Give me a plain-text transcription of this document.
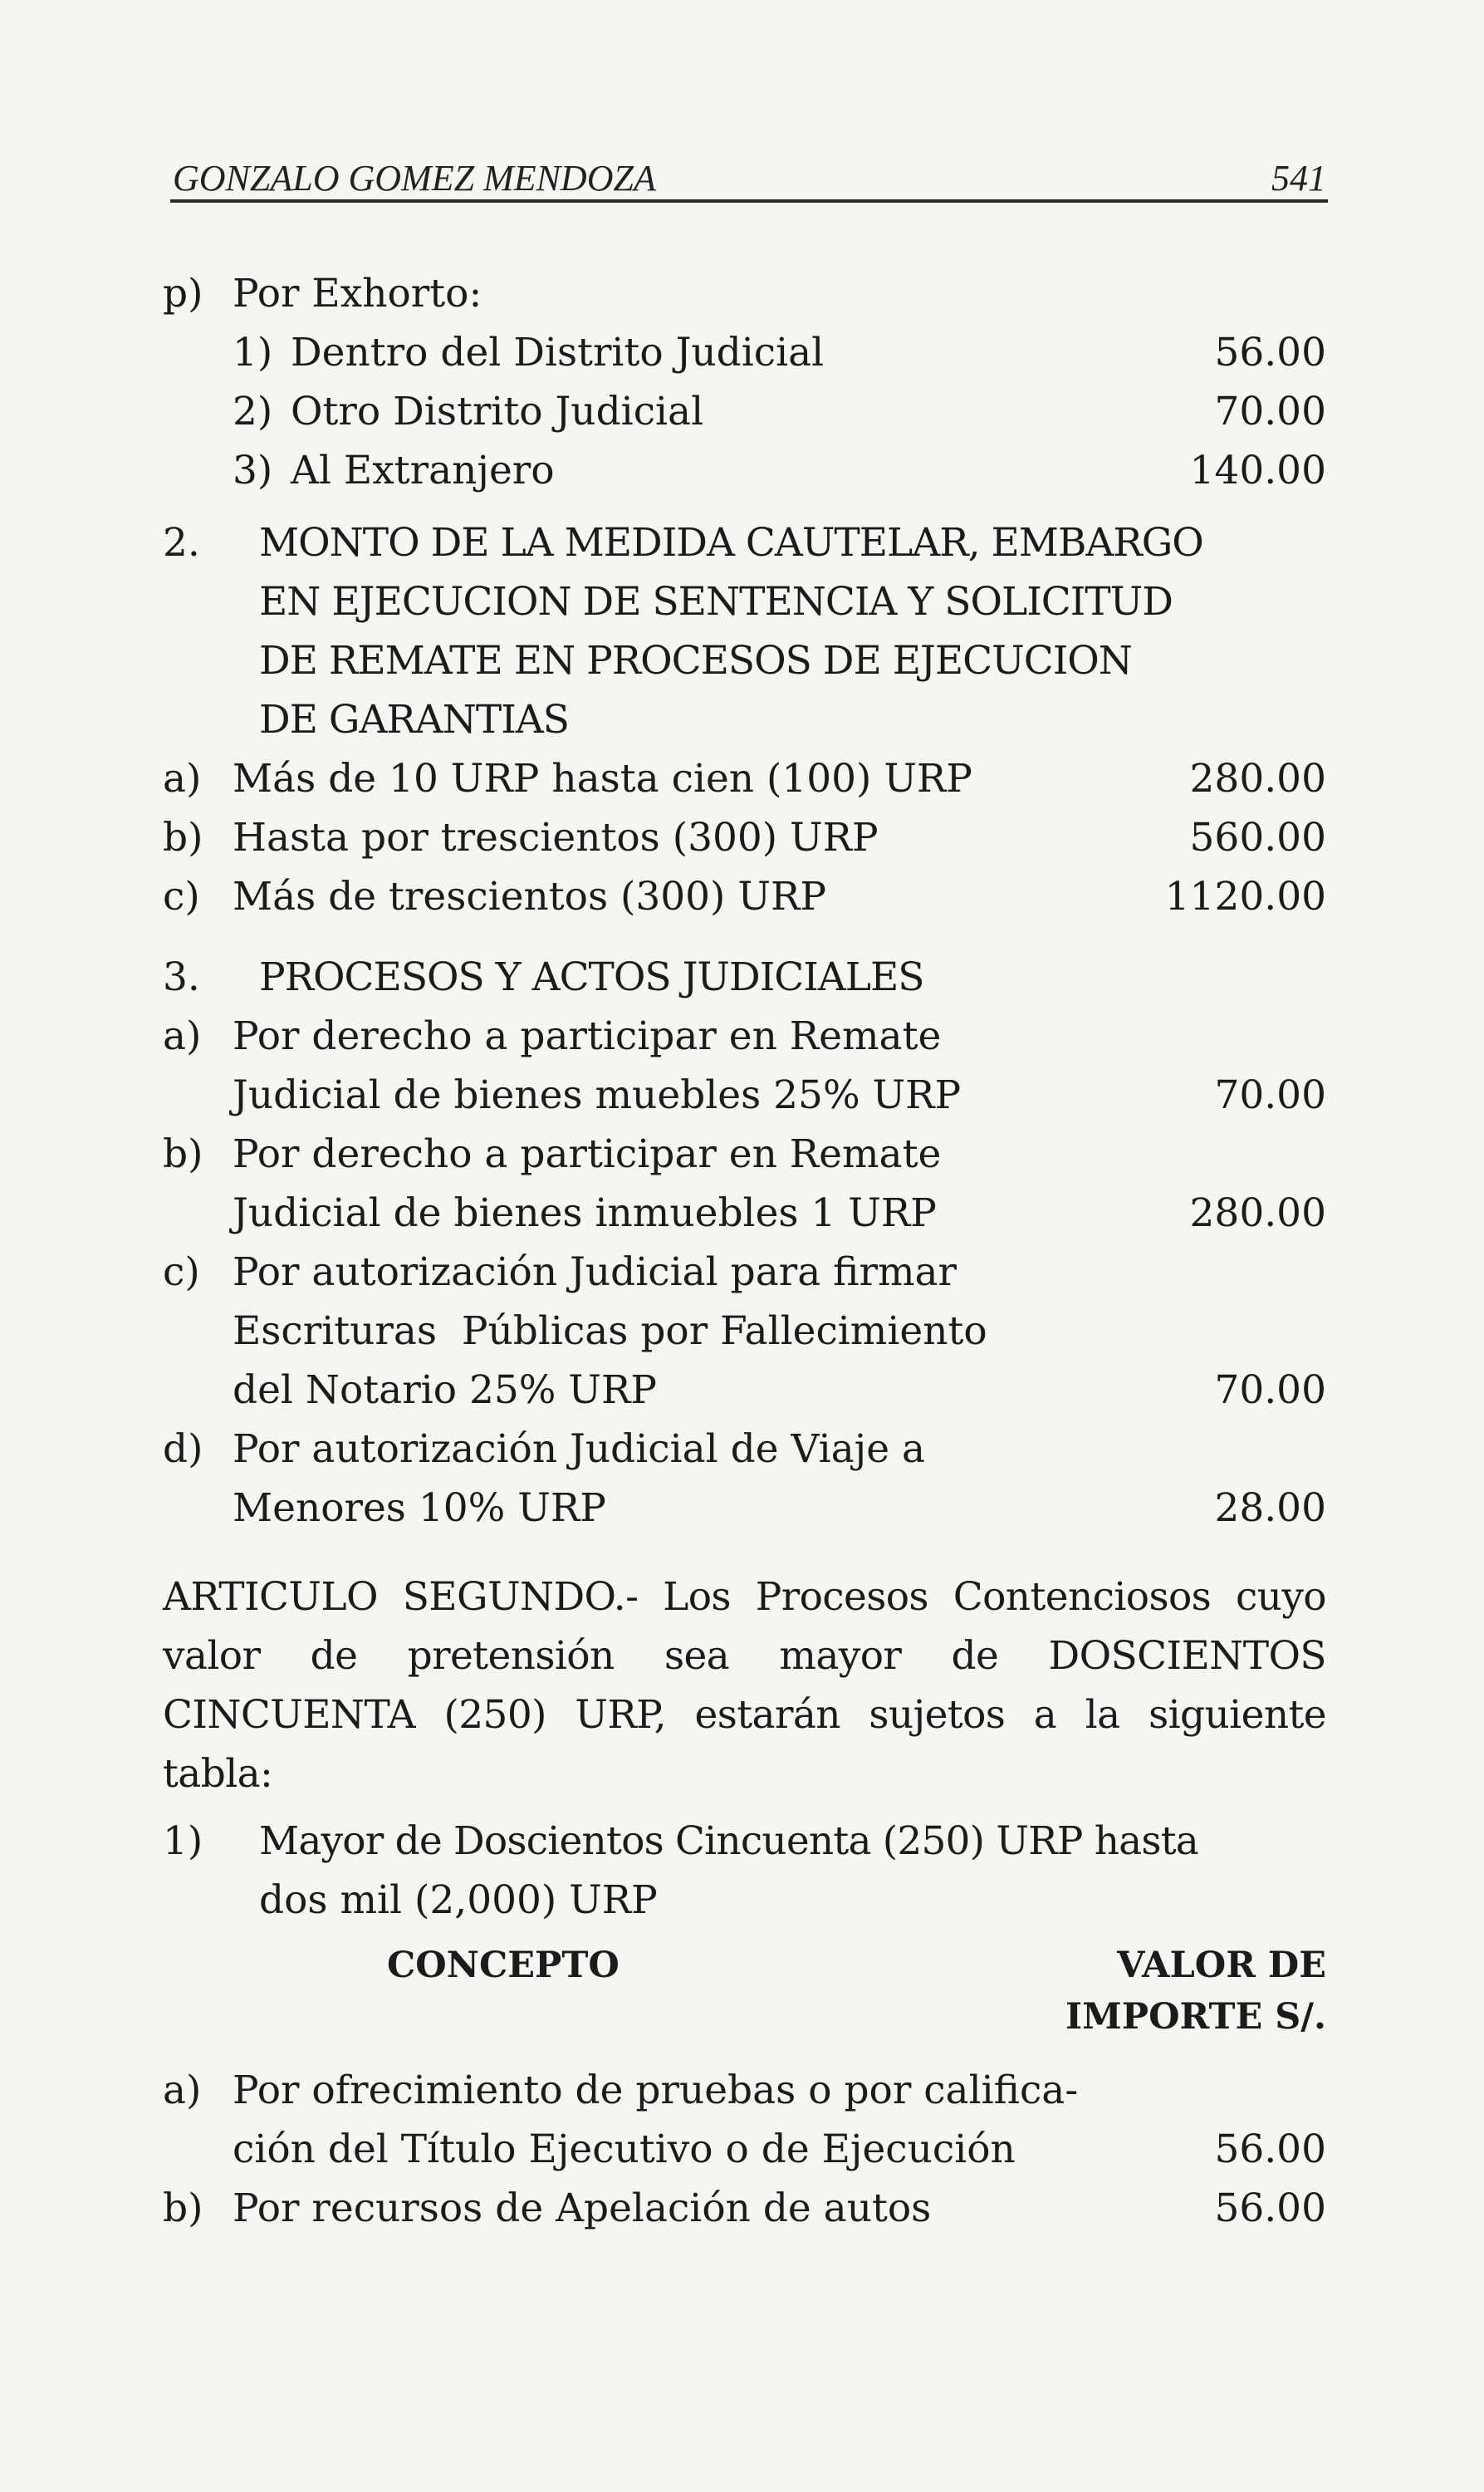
GONZALO GOMEZ MENDOZA	541
p) Por Exhorto:
1) Dentro del Distrito Judicial	56.00
2) Otro Distrito Judicial	70.00
3) Al Extranjero	140.00
2.	MONTO DE LA MEDIDA CAUTELAR, EMBARGO
EN EJECUCION DE SENTENCIA Y SOLICITUD
DE REMATE EN PROCESOS DE EJECUCION
DE GARANTIAS
a) Más de 10 URP hasta cien (100) URP	280.00
b) Hasta por trescientos (300) URP	560.00
c) Más de trescientos (300) URP	1120.00
3.	PROCESOS Y ACTOS JUDICIALES
a) Por derecho a participar en Remate
Judicial de bienes muebles 25% URP	70.00
b) Por derecho a participar en Remate
Judicial de bienes inmuebles 1 URP	280.00
c) Por autorización Judicial para firmar
Escrituras  Públicas por Fallecimiento
del Notario 25% URP	70.00
d) Por autorización Judicial de Viaje a
Menores 10% URP	28.00
ARTICULO SEGUNDO.- Los Procesos Contenciosos cuyo valor de pretensión sea mayor de DOSCIENTOS CINCUENTA (250) URP, estarán sujetos a la siguiente tabla:
1)	Mayor de Doscientos Cincuenta (250) URP hasta
dos mil (2,000) URP
CONCEPTO	VALOR DE
IMPORTE S/.
a) Por ofrecimiento de pruebas o por califica-
ción del Título Ejecutivo o de Ejecución	56.00
b) Por recursos de Apelación de autos	56.00
